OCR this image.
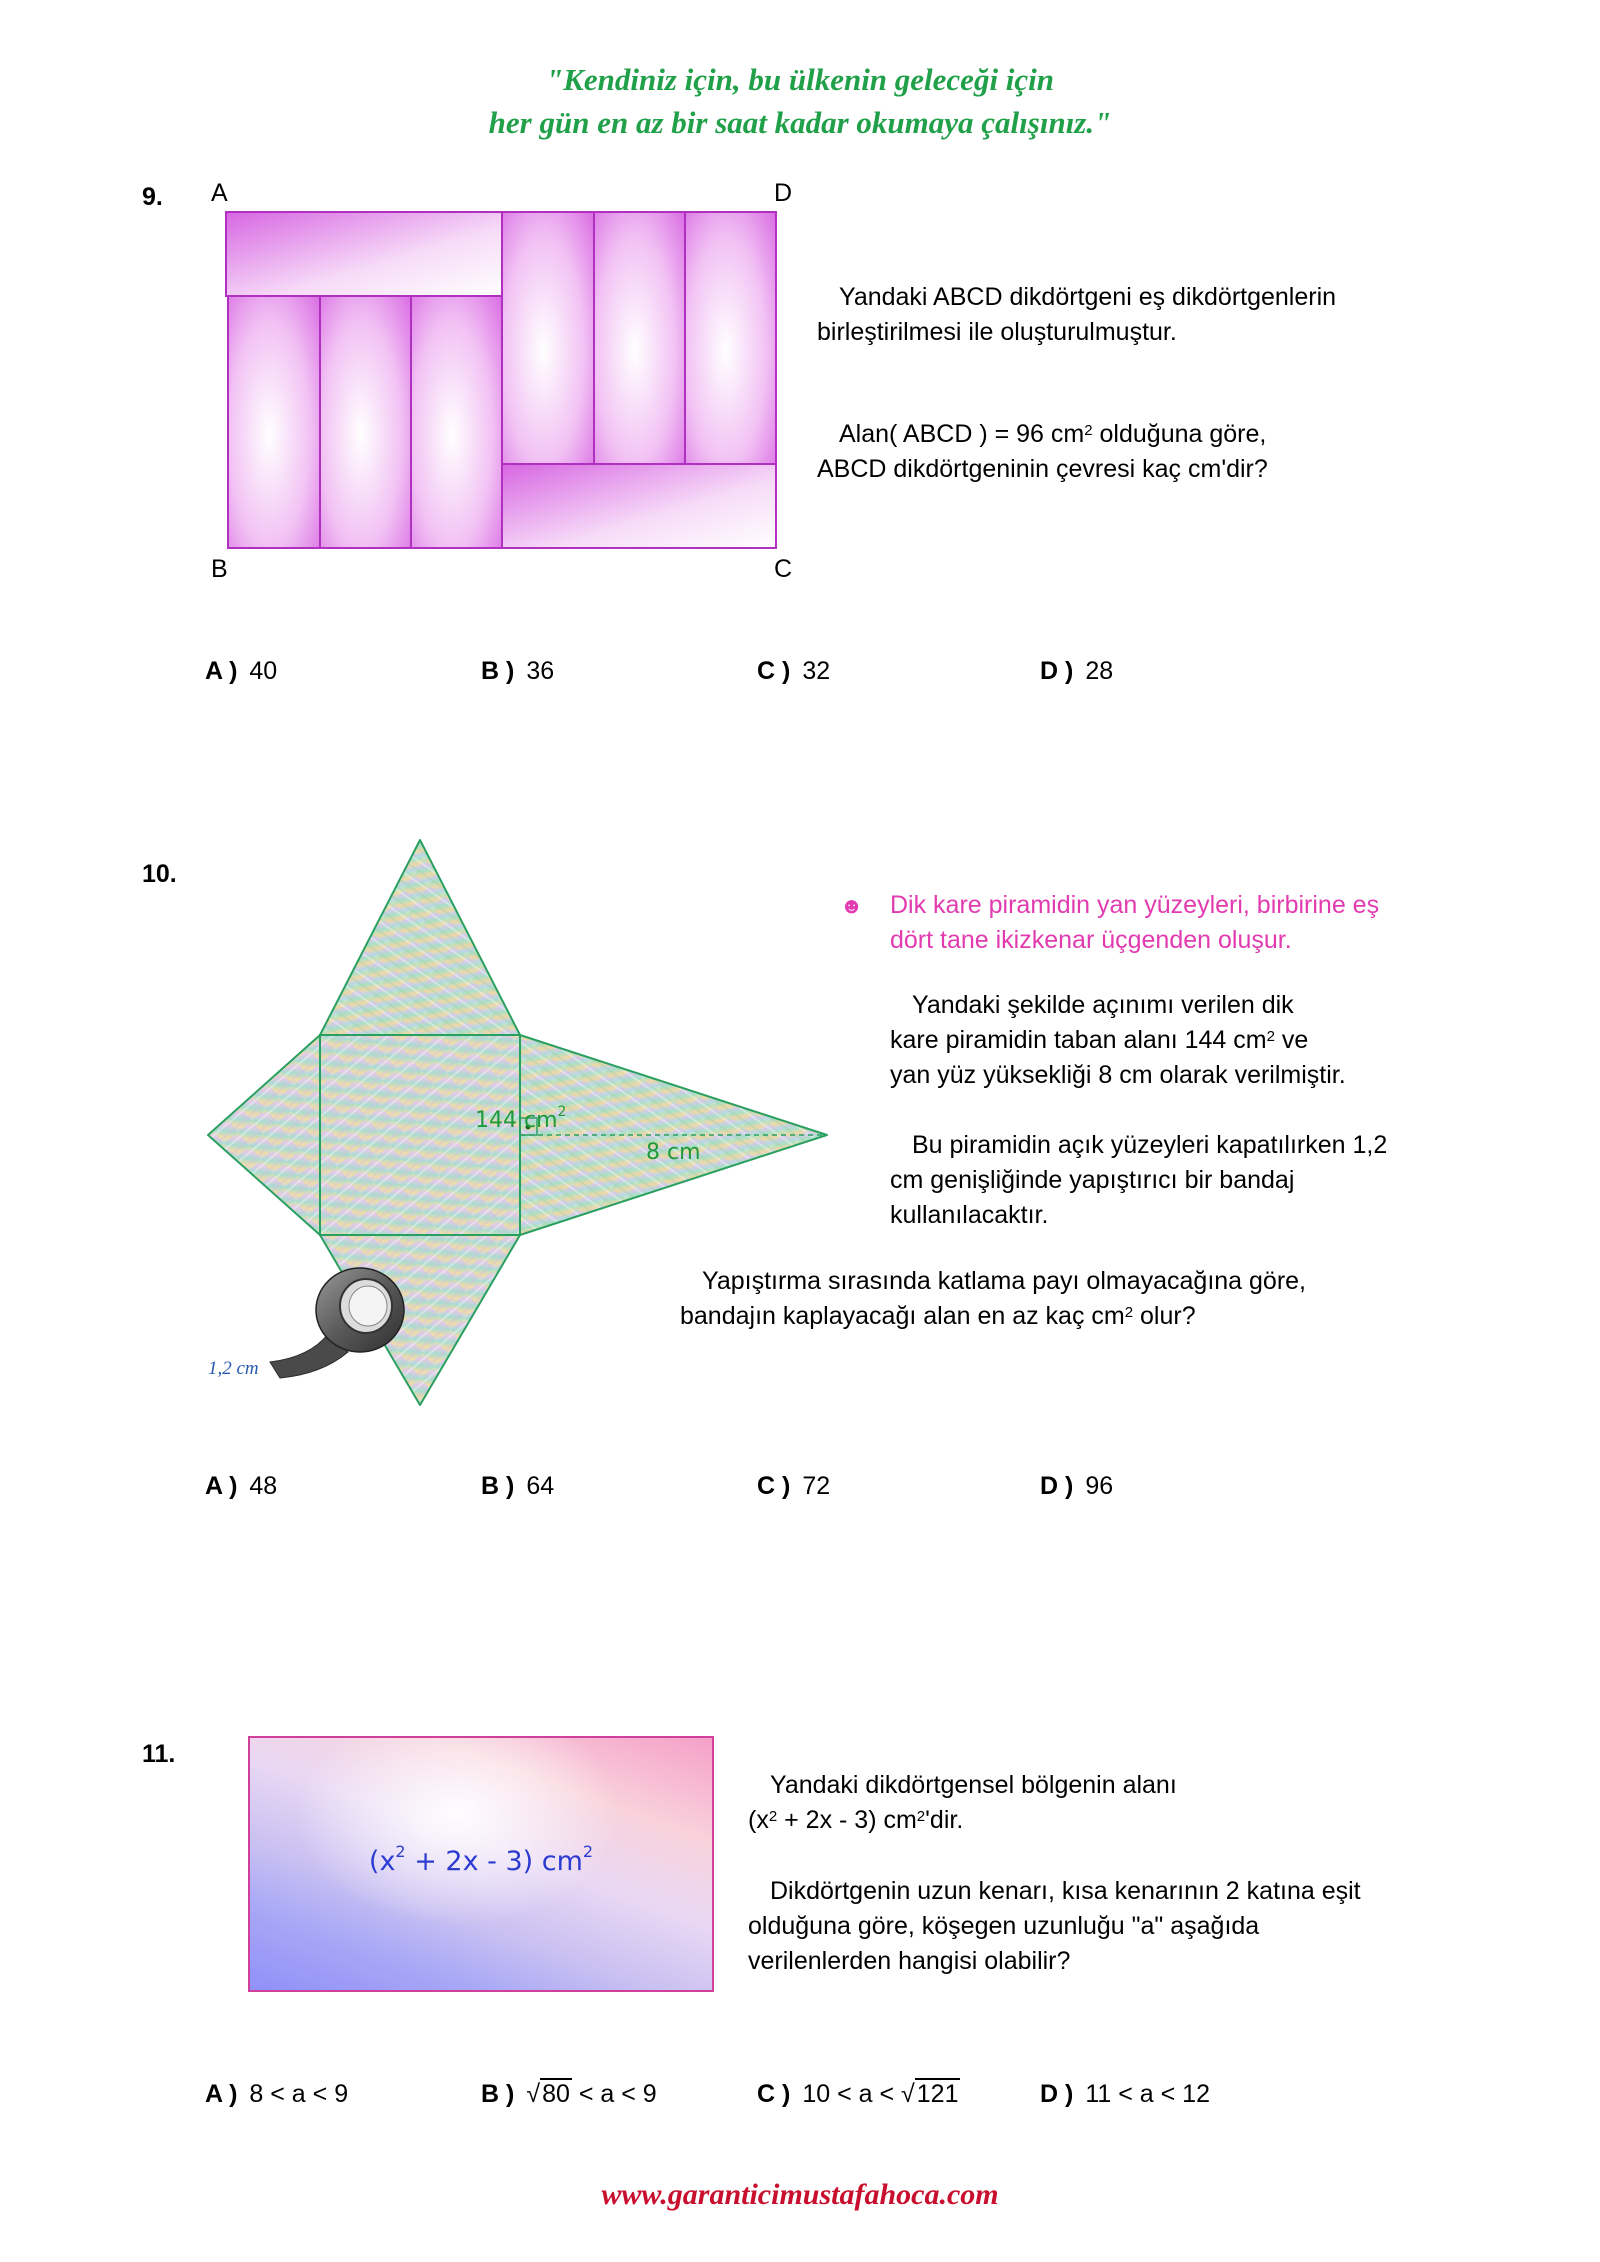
"Kendiniz için, bu ülkenin geleceği için
her gün en az bir saat kadar okumaya çalışınız."
9. A	D
B	C
Yandaki ABCD dikdörtgeni eş dikdörtgenlerin birleştirilmesi ile oluşturulmuştur.
Alan( ABCD ) = 96 $cm^2$ olduğuna göre,
ABCD dikdörtgeninin çevresi kaç cm'dir?
A ) 40	B ) 36	C ) 32	D ) 28
10.
144 $cm^2$
8 cm
1,2 cm
☻ Dik kare piramidin yan yüzeyleri, birbirine eş dört tane ikizkenar üçgenden oluşur.
Yandaki şekilde açınımı verilen dik
kare piramidin taban alanı 144 $cm^2$ ve
yan yüz yüksekliği 8 cm olarak verilmiştir.
Bu piramidin açık yüzeyleri kapatılırken 1,2 cm genişliğinde yapıştırıcı bir bandaj kullanılacaktır.
Yapıştırma sırasında katlama payı olmayacağına göre,
bandajın kaplayacağı alan en az kaç $cm^2$ olur?
A ) 48	B ) 64	C ) 72	D ) 96
11.
$(x^2 + 2x - 3)$ $cm^2$
Yandaki dikdörtgensel bölgenin alanı
$(x^2 + 2x - 3)$ $cm^2'dir$.
Dikdörtgenin uzun kenarı, kısa kenarının 2 katına eşit olduğuna göre, köşegen uzunluğu "a" aşağıda verilenlerden hangisi olabilir?
A ) 8 < a < 9	B ) √80 < a < 9	C ) 10 < a < √121	D ) 11 < a < 12
www.garanticimustafahoca.com
